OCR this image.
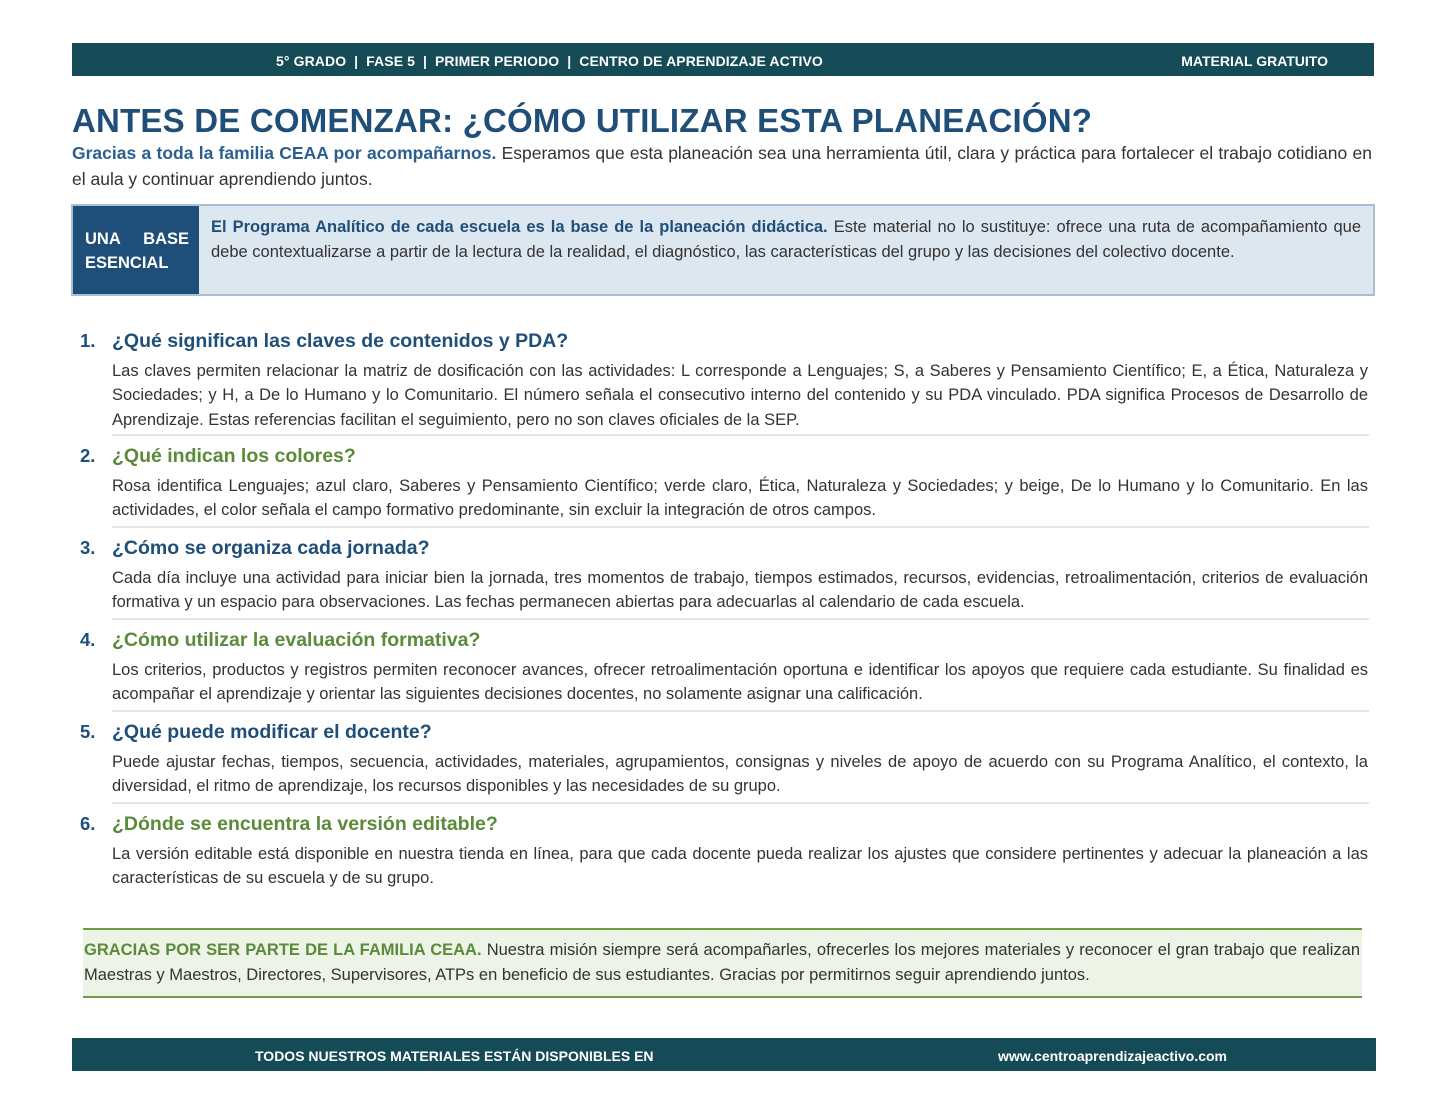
5° GRADO  |  FASE 5  |  PRIMER PERIODO  |  CENTRO DE APRENDIZAJE ACTIVO	MATERIAL GRATUITO
ANTES DE COMENZAR: ¿CÓMO UTILIZAR ESTA PLANEACIÓN?
Gracias a toda la familia CEAA por acompañarnos. Esperamos que esta planeación sea una herramienta útil, clara y práctica para fortalecer el trabajo cotidiano en el aula y continuar aprendiendo juntos.
UNA BASE
ESENCIAL
El Programa Analítico de cada escuela es la base de la planeación didáctica. Este material no lo sustituye: ofrece una ruta de acompañamiento que debe contextualizarse a partir de la lectura de la realidad, el diagnóstico, las características del grupo y las decisiones del colectivo docente.
1. ¿Qué significan las claves de contenidos y PDA?
Las claves permiten relacionar la matriz de dosificación con las actividades: L corresponde a Lenguajes; S, a Saberes y Pensamiento Científico; E, a Ética, Naturaleza y Sociedades; y H, a De lo Humano y lo Comunitario. El número señala el consecutivo interno del contenido y su PDA vinculado. PDA significa Procesos de Desarrollo de Aprendizaje. Estas referencias facilitan el seguimiento, pero no son claves oficiales de la SEP.
2. ¿Qué indican los colores?
Rosa identifica Lenguajes; azul claro, Saberes y Pensamiento Científico; verde claro, Ética, Naturaleza y Sociedades; y beige, De lo Humano y lo Comunitario. En las actividades, el color señala el campo formativo predominante, sin excluir la integración de otros campos.
3. ¿Cómo se organiza cada jornada?
Cada día incluye una actividad para iniciar bien la jornada, tres momentos de trabajo, tiempos estimados, recursos, evidencias, retroalimentación, criterios de evaluación formativa y un espacio para observaciones. Las fechas permanecen abiertas para adecuarlas al calendario de cada escuela.
4. ¿Cómo utilizar la evaluación formativa?
Los criterios, productos y registros permiten reconocer avances, ofrecer retroalimentación oportuna e identificar los apoyos que requiere cada estudiante. Su finalidad es acompañar el aprendizaje y orientar las siguientes decisiones docentes, no solamente asignar una calificación.
5. ¿Qué puede modificar el docente?
Puede ajustar fechas, tiempos, secuencia, actividades, materiales, agrupamientos, consignas y niveles de apoyo de acuerdo con su Programa Analítico, el contexto, la diversidad, el ritmo de aprendizaje, los recursos disponibles y las necesidades de su grupo.
6. ¿Dónde se encuentra la versión editable?
La versión editable está disponible en nuestra tienda en línea, para que cada docente pueda realizar los ajustes que considere pertinentes y adecuar la planeación a las características de su escuela y de su grupo.
GRACIAS POR SER PARTE DE LA FAMILIA CEAA. Nuestra misión siempre será acompañarles, ofrecerles los mejores materiales y reconocer el gran trabajo que realizan Maestras y Maestros, Directores, Supervisores, ATPs en beneficio de sus estudiantes. Gracias por permitirnos seguir aprendiendo juntos.
TODOS NUESTROS MATERIALES ESTÁN DISPONIBLES EN	www.centroaprendizajeactivo.com
